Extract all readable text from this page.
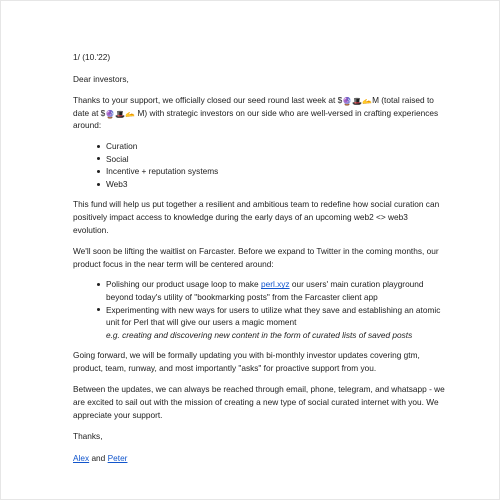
1/ (10.'22)

Dear investors,

Thanks to your support, we officially closed our seed round last week at $🔮🎩🫴M (total raised to date at $🔮🎩🫴 M) with strategic investors on our side who are well-versed in crafting experiences around:

Curation
Social
Incentive + reputation systems
Web3

This fund will help us put together a resilient and ambitious team to redefine how social curation can positively impact access to knowledge during the early days of an upcoming web2 <> web3 evolution.

We'll soon be lifting the waitlist on Farcaster. Before we expand to Twitter in the coming months, our product focus in the near term will be centered around:

Polishing our product usage loop to make perl.xyz our users' main curation playground beyond today's utility of "bookmarking posts" from the Farcaster client app
Experimenting with new ways for users to utilize what they save and establishing an atomic unit for Perl that will give our users a magic moment
e.g. creating and discovering new content in the form of curated lists of saved posts

Going forward, we will be formally updating you with bi-monthly investor updates covering gtm, product, team, runway, and most importantly "asks" for proactive support from you.

Between the updates, we can always be reached through email, phone, telegram, and whatsapp - we are excited to sail out with the mission of creating a new type of social curated internet with you. We appreciate your support.

Thanks,

Alex and Peter
